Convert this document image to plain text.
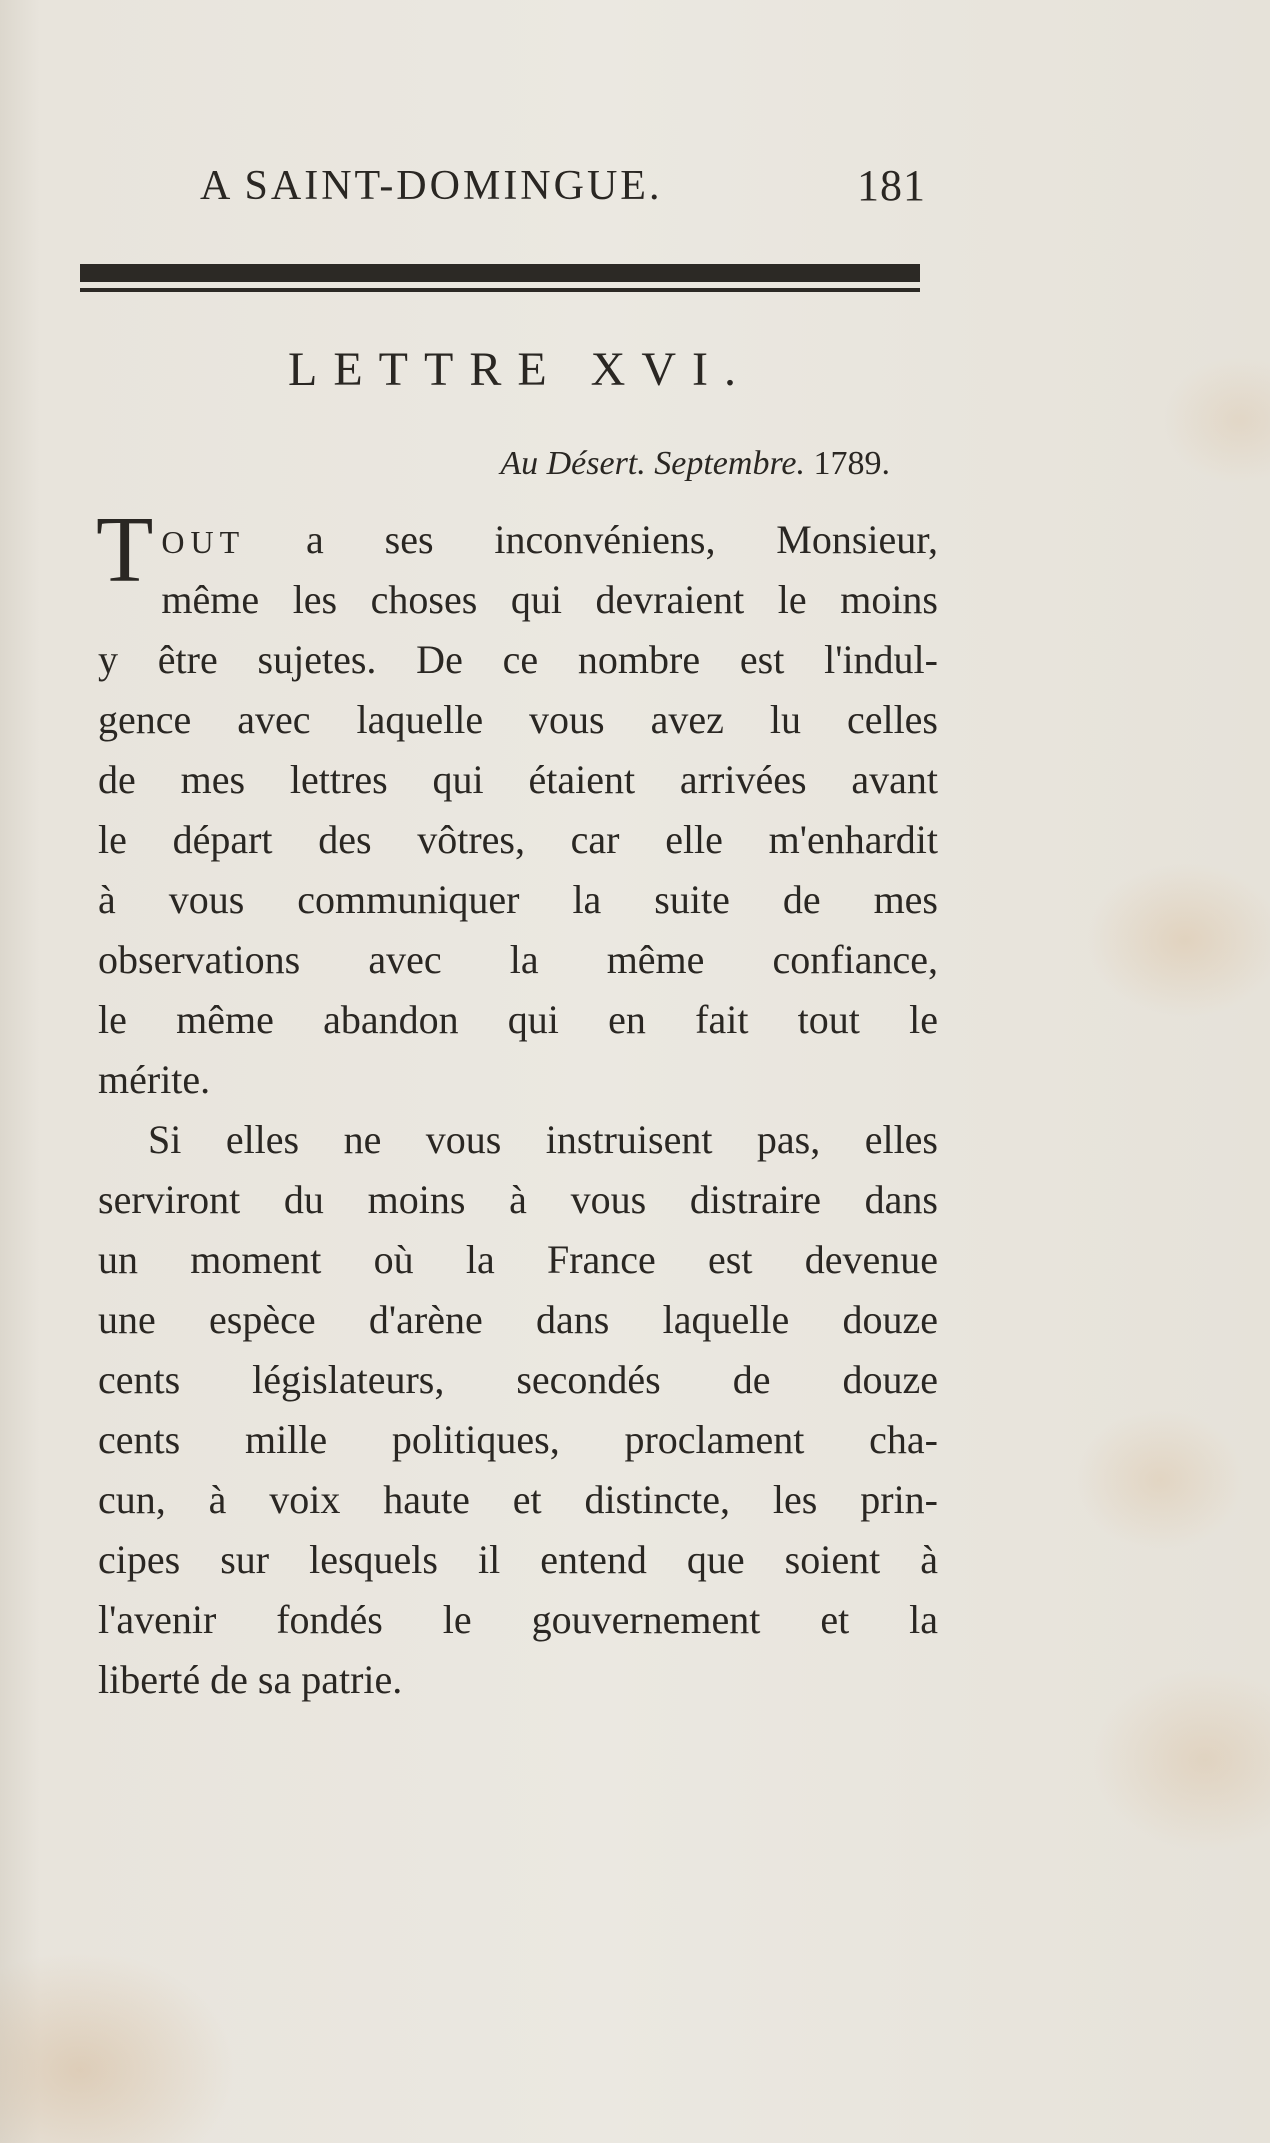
A SAINT-DOMINGUE.	181
LETTRE XVI.
Au Désert. Septembre. 1789.
T OUT a ses inconvéniens, Monsieur,
même les choses qui devraient le moins
y être sujetes. De ce nombre est l'indul-
gence avec laquelle vous avez lu celles
de mes lettres qui étaient arrivées avant
le départ des vôtres, car elle m'enhardit
à vous communiquer la suite de mes
observations avec la même confiance,
le même abandon qui en fait tout le
mérite.
Si elles ne vous instruisent pas, elles
serviront du moins à vous distraire dans
un moment où la France est devenue
une espèce d'arène dans laquelle douze
cents législateurs, secondés de douze
cents mille politiques, proclament cha-
cun, à voix haute et distincte, les prin-
cipes sur lesquels il entend que soient à
l'avenir fondés le gouvernement et la
liberté de sa patrie.
